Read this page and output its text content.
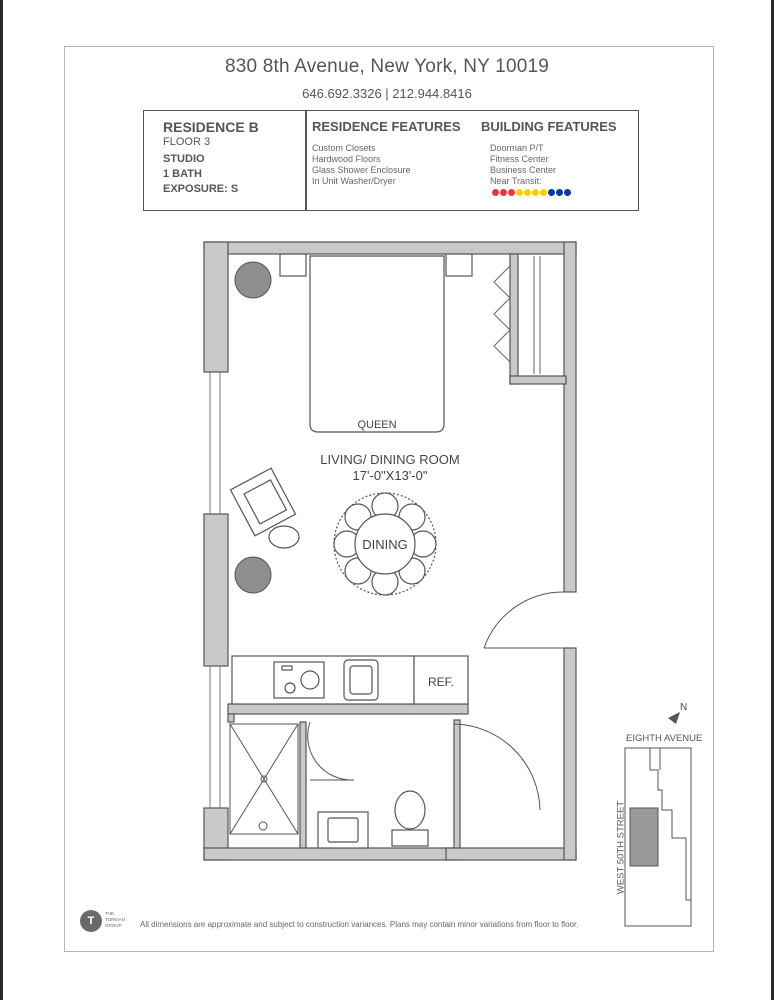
830 8th Avenue, New York, NY 10019
646.692.3326 | 212.944.8416
RESIDENCE B
FLOOR 3
STUDIO
1 BATH
EXPOSURE: S
RESIDENCE FEATURES
Custom Closets
Hardwood Floors
Glass Shower Enclosure
In Unit Washer/Dryer
BUILDING FEATURES
Doorman P/T
Fitness Center
Business Center
Near Transit:
QUEEN
LIVING/ DINING ROOM
17'-0"X13'-0"
DINING
REF.
N
EIGHTH AVENUE
WEST 50TH STREET
T
THE TORKIAN GROUP	All dimensions are approximate and subject to construction variances. Plans may contain minor variations from floor to floor.
